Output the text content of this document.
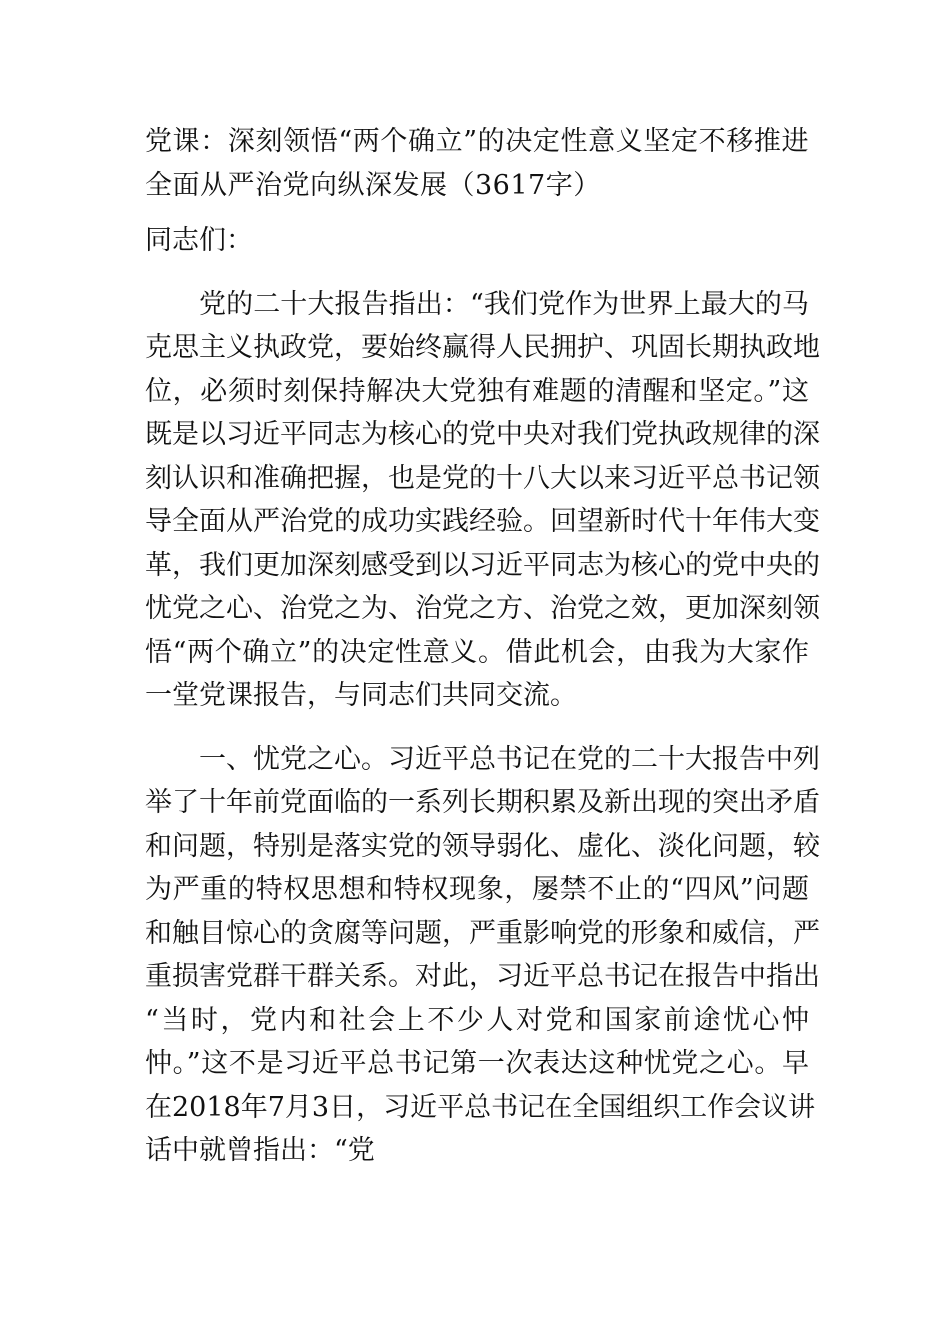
党课：深刻领悟“两个确立”的决定性意义坚定不移推进
全面从严治党向纵深发展（3617字）
同志们：
党的二十大报告指出：“我们党作为世界上最大的马
克思主义执政党，要始终赢得人民拥护、巩固长期执政地
位，必须时刻保持解决大党独有难题的清醒和坚定。”这
既是以习近平同志为核心的党中央对我们党执政规律的深
刻认识和准确把握，也是党的十八大以来习近平总书记领
导全面从严治党的成功实践经验。回望新时代十年伟大变
革，我们更加深刻感受到以习近平同志为核心的党中央的
忧党之心、治党之为、治党之方、治党之效，更加深刻领
悟“两个确立”的决定性意义。借此机会，由我为大家作
一堂党课报告，与同志们共同交流。
一、忧党之心。习近平总书记在党的二十大报告中列
举了十年前党面临的一系列长期积累及新出现的突出矛盾
和问题，特别是落实党的领导弱化、虚化、淡化问题，较
为严重的特权思想和特权现象，屡禁不止的“四风”问题
和触目惊心的贪腐等问题，严重影响党的形象和威信，严
重损害党群干群关系。对此，习近平总书记在报告中指出
“当时，党内和社会上不少人对党和国家前途忧心忡
忡。”这不是习近平总书记第一次表达这种忧党之心。早
在2018年7月3日，习近平总书记在全国组织工作会议讲
话中就曾指出：“党
